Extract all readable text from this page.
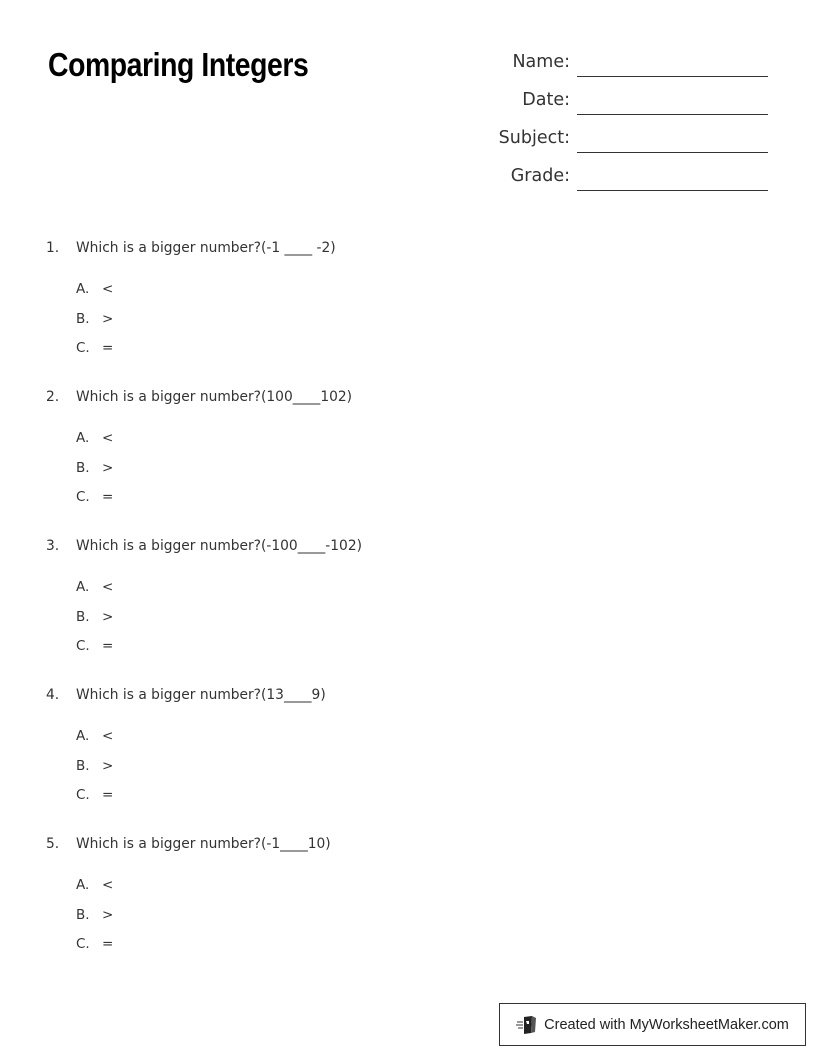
Comparing Integers	Name:
Date:
Subject:
Grade:
1. Which is a bigger number?(-1 ____ -2)
A. <
B. >
C. =
2. Which is a bigger number?(100____102)
A. <
B. >
C. =
3. Which is a bigger number?(-100____-102)
A. <
B. >
C. =
4. Which is a bigger number?(13____9)
A. <
B. >
C. =
5. Which is a bigger number?(-1____10)
A. <
B. >
C. =
Created with MyWorksheetMaker.com
